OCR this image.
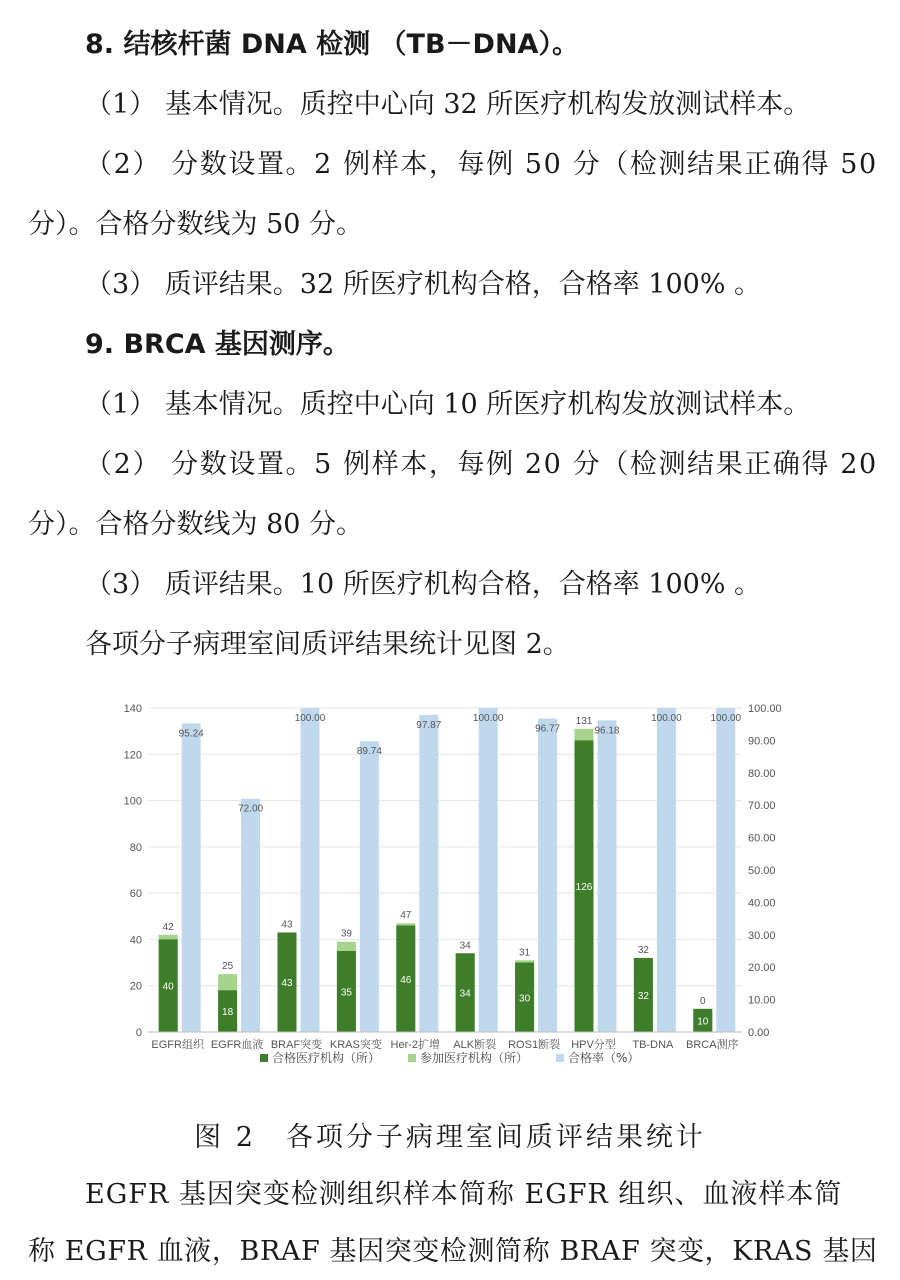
8. 结核杆菌 DNA 检测 （TB－DNA）。
（1） 基本情况。质控中心向 32 所医疗机构发放测试样本。
（2） 分数设置。2 例样本，每例 50 分（检测结果正确得 50
分）。合格分数线为 50 分。
（3） 质评结果。32 所医疗机构合格，合格率 100% 。
9. BRCA 基因测序。
（1） 基本情况。质控中心向 10 所医疗机构发放测试样本。
（2） 分数设置。5 例样本，每例 20 分（检测结果正确得 20
分）。合格分数线为 80 分。
（3） 质评结果。10 所医疗机构合格，合格率 100% 。
各项分子病理室间质评结果统计见图 2。
42
40
95.24
25
18
72.00
43
43
100.00
39
35
89.74
47
46
97.87
34
34
100.00
31
30
96.77
131
126
96.18
32
32
100.00
0
10
100.00
0
20
40
60
80
100
120
140
0.00
10.00
20.00
30.00
40.00
50.00
60.00
70.00
80.00
90.00
100.00
EGFR组织 EGFR血液 BRAF突变 KRAS突变 Her-2扩增 ALK断裂 ROS1断裂 HPV分型 TB-DNA BRCA测序
合格医疗机构（所）	参加医疗机构（所）	合格率（%）
图 2　各项分子病理室间质评结果统计
EGFR 基因突变检测组织样本简称 EGFR 组织、血液样本简
称 EGFR 血液，BRAF 基因突变检测简称 BRAF 突变，KRAS 基因
